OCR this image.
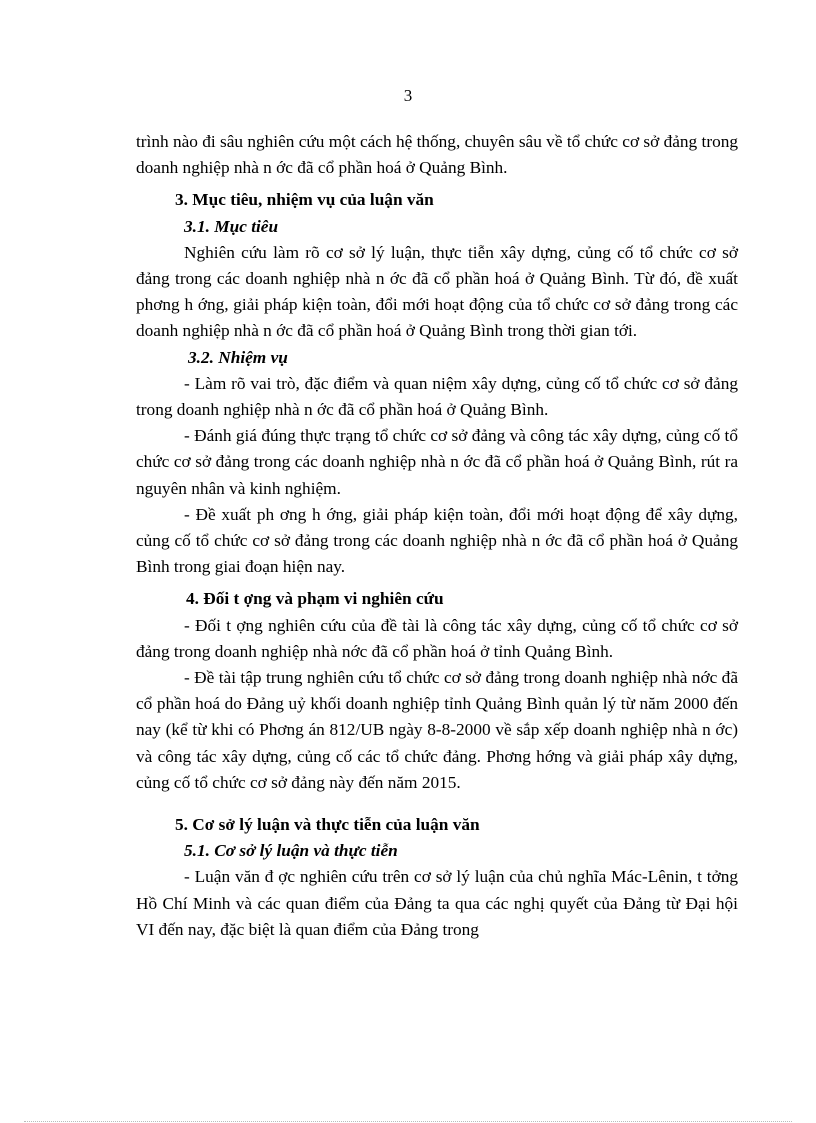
3

trình nào đi sâu nghiên cứu một cách hệ thống, chuyên sâu về tổ chức cơ sở đảng trong doanh nghiệp nhà n ớc đã cổ phần hoá ở Quảng Bình.

3. Mục tiêu, nhiệm vụ của luận văn

3.1. Mục tiêu

Nghiên cứu làm rõ cơ sở lý luận, thực tiễn xây dựng, củng cố tổ chức cơ sở đảng trong các doanh nghiệp nhà n ớc đã cổ phần hoá ở Quảng Bình. Từ đó, đề xuất phơng h ớng, giải pháp kiện toàn, đổi mới hoạt động của tổ chức cơ sở đảng trong các doanh nghiệp nhà n ớc đã cổ phần hoá ở Quảng Bình trong thời gian tới.

3.2. Nhiệm vụ

- Làm rõ vai trò, đặc điểm và quan niệm xây dựng, củng cố tổ chức cơ sở đảng trong doanh nghiệp nhà n ớc đã cổ phần hoá ở Quảng Bình.

- Đánh giá đúng thực trạng tổ chức cơ sở đảng và công tác xây dựng, củng cố tổ chức cơ sở đảng trong các doanh nghiệp nhà n ớc đã cổ phần hoá ở Quảng Bình, rút ra nguyên nhân và kinh nghiệm.

- Đề xuất ph ơng h ớng, giải pháp kiện toàn, đổi mới hoạt động để xây dựng, củng cố tổ chức cơ sở đảng trong các doanh nghiệp nhà n ớc đã cổ phần hoá ở Quảng Bình trong giai đoạn hiện nay.

4. Đối t ợng và phạm vi nghiên cứu

- Đối t ợng nghiên cứu của đề tài là công tác xây dựng, củng cố tổ chức cơ sở đảng trong doanh nghiệp nhà nớc đã cổ phần hoá ở tỉnh Quảng Bình.

- Đề tài tập trung nghiên cứu tổ chức cơ sở đảng trong doanh nghiệp nhà nớc đã cổ phần hoá do Đảng uỷ khối doanh nghiệp tỉnh Quảng Bình quản lý từ năm 2000 đến nay (kể từ khi có Phơng án 812/UB ngày 8-8-2000 về sắp xếp doanh nghiệp nhà n ớc) và công tác xây dựng, củng cố các tổ chức đảng. Phơng hớng và giải pháp xây dựng, củng cố tổ chức cơ sở đảng này đến năm 2015.

5. Cơ sở lý luận và thực tiễn của luận văn

5.1. Cơ sở lý luận và thực tiễn

- Luận văn đ ợc nghiên cứu trên cơ sở lý luận của chủ nghĩa Mác-Lênin, t tởng Hồ Chí Minh và các quan điểm của Đảng ta qua các nghị quyết của Đảng từ Đại hội VI đến nay, đặc biệt là quan điểm của Đảng trong
